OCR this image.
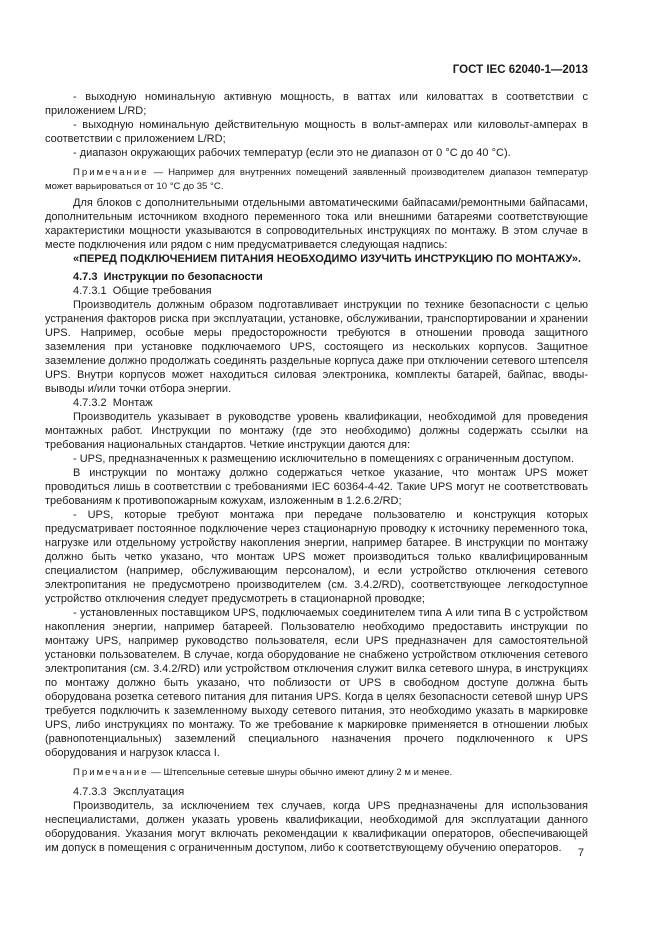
ГОСТ IEC 62040-1—2013

- выходную номинальную активную мощность, в ваттах или киловаттах в соответствии с приложением L/RD;

- выходную номинальную действительную мощность в вольт-амперах или киловольт-амперах в соответствии с приложением L/RD;

- диапазон окружающих рабочих температур (если это не диапазон от 0 °С до 40 °С).

Примечание — Например для внутренних помещений заявленный производителем диапазон температур может варьироваться от 10 °С до 35 °С.

Для блоков с дополнительными отдельными автоматическими байпасами/ремонтными байпасами, дополнительным источником входного переменного тока или внешними батареями соответствующие характеристики мощности указываются в сопроводительных инструкциях по монтажу. В этом случае в месте подключения или рядом с ним предусматривается следующая надпись:

«ПЕРЕД ПОДКЛЮЧЕНИЕМ ПИТАНИЯ НЕОБХОДИМО ИЗУЧИТЬ ИНСТРУКЦИЮ ПО МОНТАЖУ».

4.7.3  Инструкции по безопасности

4.7.3.1  Общие требования

Производитель должным образом подготавливает инструкции по технике безопасности с целью устранения факторов риска при эксплуатации, установке, обслуживании, транспортировании и хранении UPS. Например, особые меры предосторожности требуются в отношении провода защитного заземления при установке подключаемого UPS, состоящего из нескольких корпусов. Защитное заземление должно продолжать соединять раздельные корпуса даже при отключении сетевого штепселя UPS. Внутри корпусов может находиться силовая электроника, комплекты батарей, байпас, вводы-выводы и/или точки отбора энергии.

4.7.3.2  Монтаж

Производитель указывает в руководстве уровень квалификации, необходимой для проведения монтажных работ. Инструкции по монтажу (где это необходимо) должны содержать ссылки на требования национальных стандартов. Четкие инструкции даются для:

- UPS, предназначенных к размещению исключительно в помещениях с ограниченным доступом.

В инструкции по монтажу должно содержаться четкое указание, что монтаж UPS может проводиться лишь в соответствии с требованиями IEC 60364-4-42. Такие UPS могут не соответствовать требованиям к противопожарным кожухам, изложенным в 1.2.6.2/RD;

- UPS, которые требуют монтажа при передаче пользователю и конструкция которых предусматривает постоянное подключение через стационарную проводку к источнику переменного тока, нагрузке или отдельному устройству накопления энергии, например батарее. В инструкции по монтажу должно быть четко указано, что монтаж UPS может производиться только квалифицированным специалистом (например, обслуживающим персоналом), и если устройство отключения сетевого электропитания не предусмотрено производителем (см. 3.4.2/RD), соответствующее легкодоступное устройство отключения следует предусмотреть в стационарной проводке;

- установленных поставщиком UPS, подключаемых соединителем типа A или типа B с устройством накопления энергии, например батареей. Пользователю необходимо предоставить инструкции по монтажу UPS, например руководство пользователя, если UPS предназначен для самостоятельной установки пользователем. В случае, когда оборудование не снабжено устройством отключения сетевого электропитания (см. 3.4.2/RD) или устройством отключения служит вилка сетевого шнура, в инструкциях по монтажу должно быть указано, что поблизости от UPS в свободном доступе должна быть оборудована розетка сетевого питания для питания UPS. Когда в целях безопасности сетевой шнур UPS требуется подключить к заземленному выходу сетевого питания, это необходимо указать в маркировке UPS, либо инструкциях по монтажу. То же требование к маркировке применяется в отношении любых (равнопотенциальных) заземлений специального назначения прочего подключенного к UPS оборудования и нагрузок класса I.

Примечание — Штепсельные сетевые шнуры обычно имеют длину 2 м и менее.

4.7.3.3  Эксплуатация

Производитель, за исключением тех случаев, когда UPS предназначены для использования неспециалистами, должен указать уровень квалификации, необходимой для эксплуатации данного оборудования. Указания могут включать рекомендации к квалификации операторов, обеспечивающей им допуск в помещения с ограниченным доступом, либо к соответствующему обучению операторов.	7
